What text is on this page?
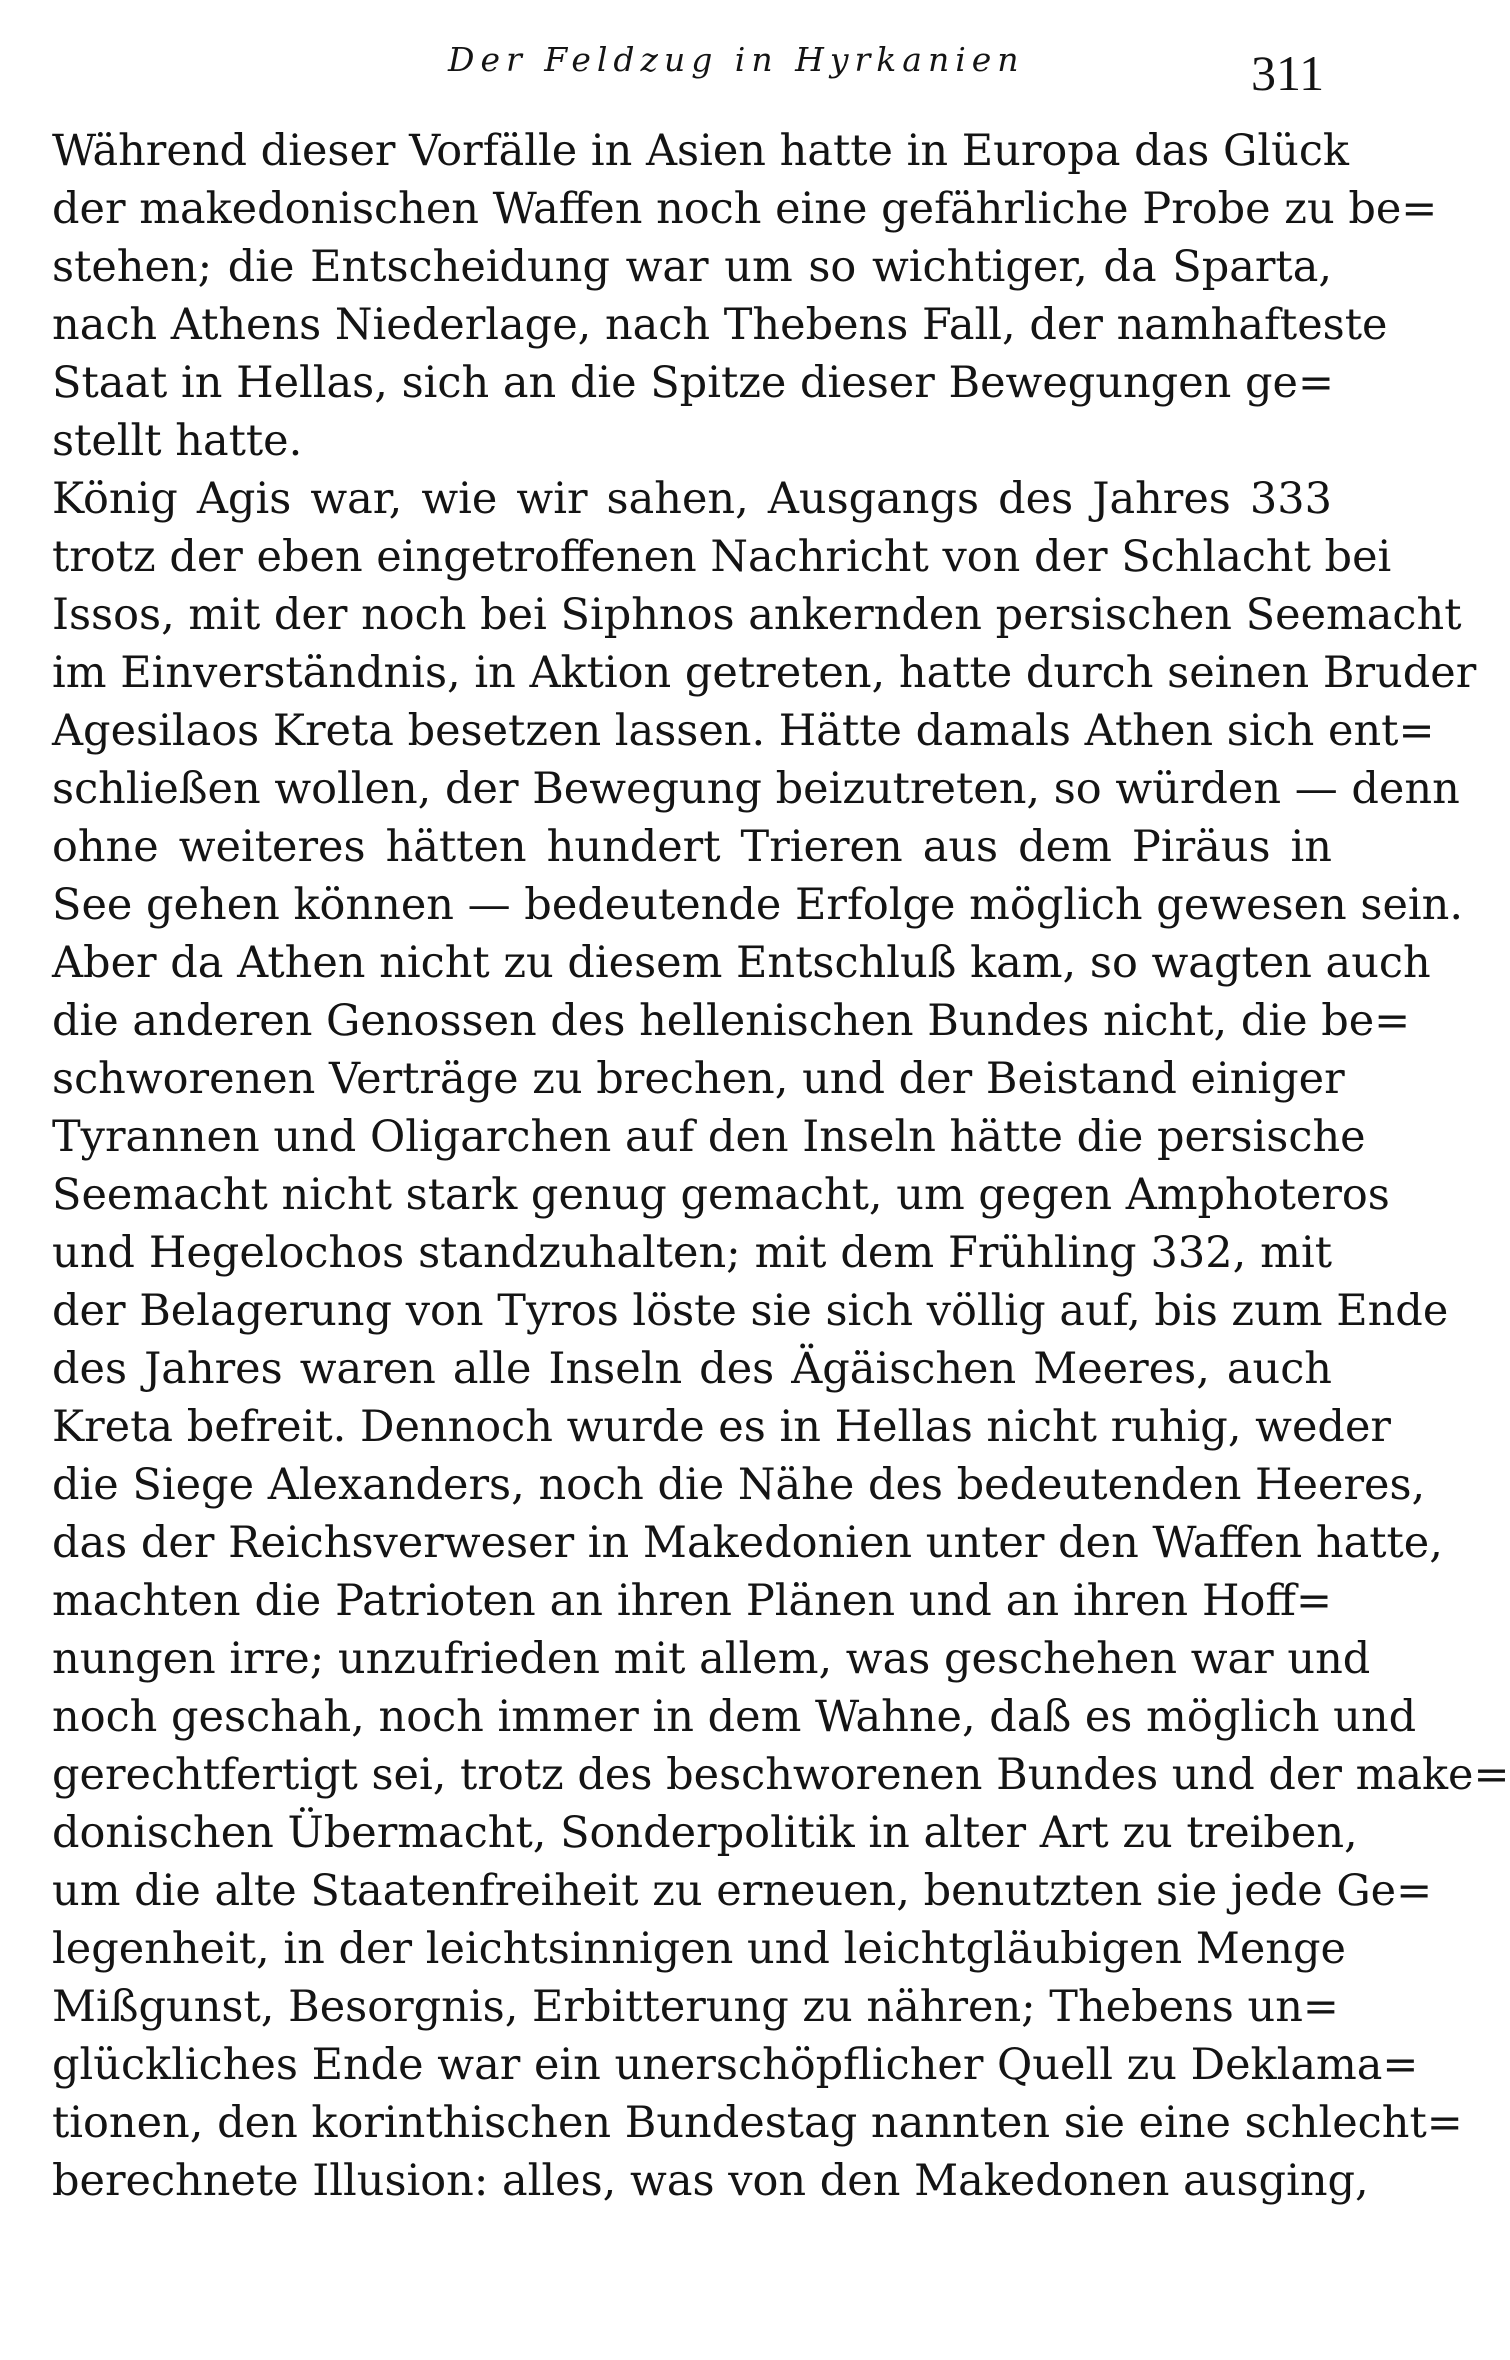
Der Feldzug in Hyrkanien	311
Während dieser Vorfälle in Asien hatte in Europa das Glück
der makedonischen Waffen noch eine gefährliche Probe zu be=
stehen; die Entscheidung war um so wichtiger, da Sparta,
nach Athens Niederlage, nach Thebens Fall, der namhafteste
Staat in Hellas, sich an die Spitze dieser Bewegungen ge=
stellt hatte.
König Agis war, wie wir sahen, Ausgangs des Jahres 333
trotz der eben eingetroffenen Nachricht von der Schlacht bei
Issos, mit der noch bei Siphnos ankernden persischen Seemacht
im Einverständnis, in Aktion getreten, hatte durch seinen Bruder
Agesilaos Kreta besetzen lassen. Hätte damals Athen sich ent=
schließen wollen, der Bewegung beizutreten, so würden — denn
ohne weiteres hätten hundert Trieren aus dem Piräus in
See gehen können — bedeutende Erfolge möglich gewesen sein.
Aber da Athen nicht zu diesem Entschluß kam, so wagten auch
die anderen Genossen des hellenischen Bundes nicht, die be=
schworenen Verträge zu brechen, und der Beistand einiger
Tyrannen und Oligarchen auf den Inseln hätte die persische
Seemacht nicht stark genug gemacht, um gegen Amphoteros
und Hegelochos standzuhalten; mit dem Frühling 332, mit
der Belagerung von Tyros löste sie sich völlig auf, bis zum Ende
des Jahres waren alle Inseln des Ägäischen Meeres, auch
Kreta befreit. Dennoch wurde es in Hellas nicht ruhig, weder
die Siege Alexanders, noch die Nähe des bedeutenden Heeres,
das der Reichsverweser in Makedonien unter den Waffen hatte,
machten die Patrioten an ihren Plänen und an ihren Hoff=
nungen irre; unzufrieden mit allem, was geschehen war und
noch geschah, noch immer in dem Wahne, daß es möglich und
gerechtfertigt sei, trotz des beschworenen Bundes und der make=
donischen Übermacht, Sonderpolitik in alter Art zu treiben,
um die alte Staatenfreiheit zu erneuen, benutzten sie jede Ge=
legenheit, in der leichtsinnigen und leichtgläubigen Menge
Mißgunst, Besorgnis, Erbitterung zu nähren; Thebens un=
glückliches Ende war ein unerschöpflicher Quell zu Deklama=
tionen, den korinthischen Bundestag nannten sie eine schlecht=
berechnete Illusion: alles, was von den Makedonen ausging,
